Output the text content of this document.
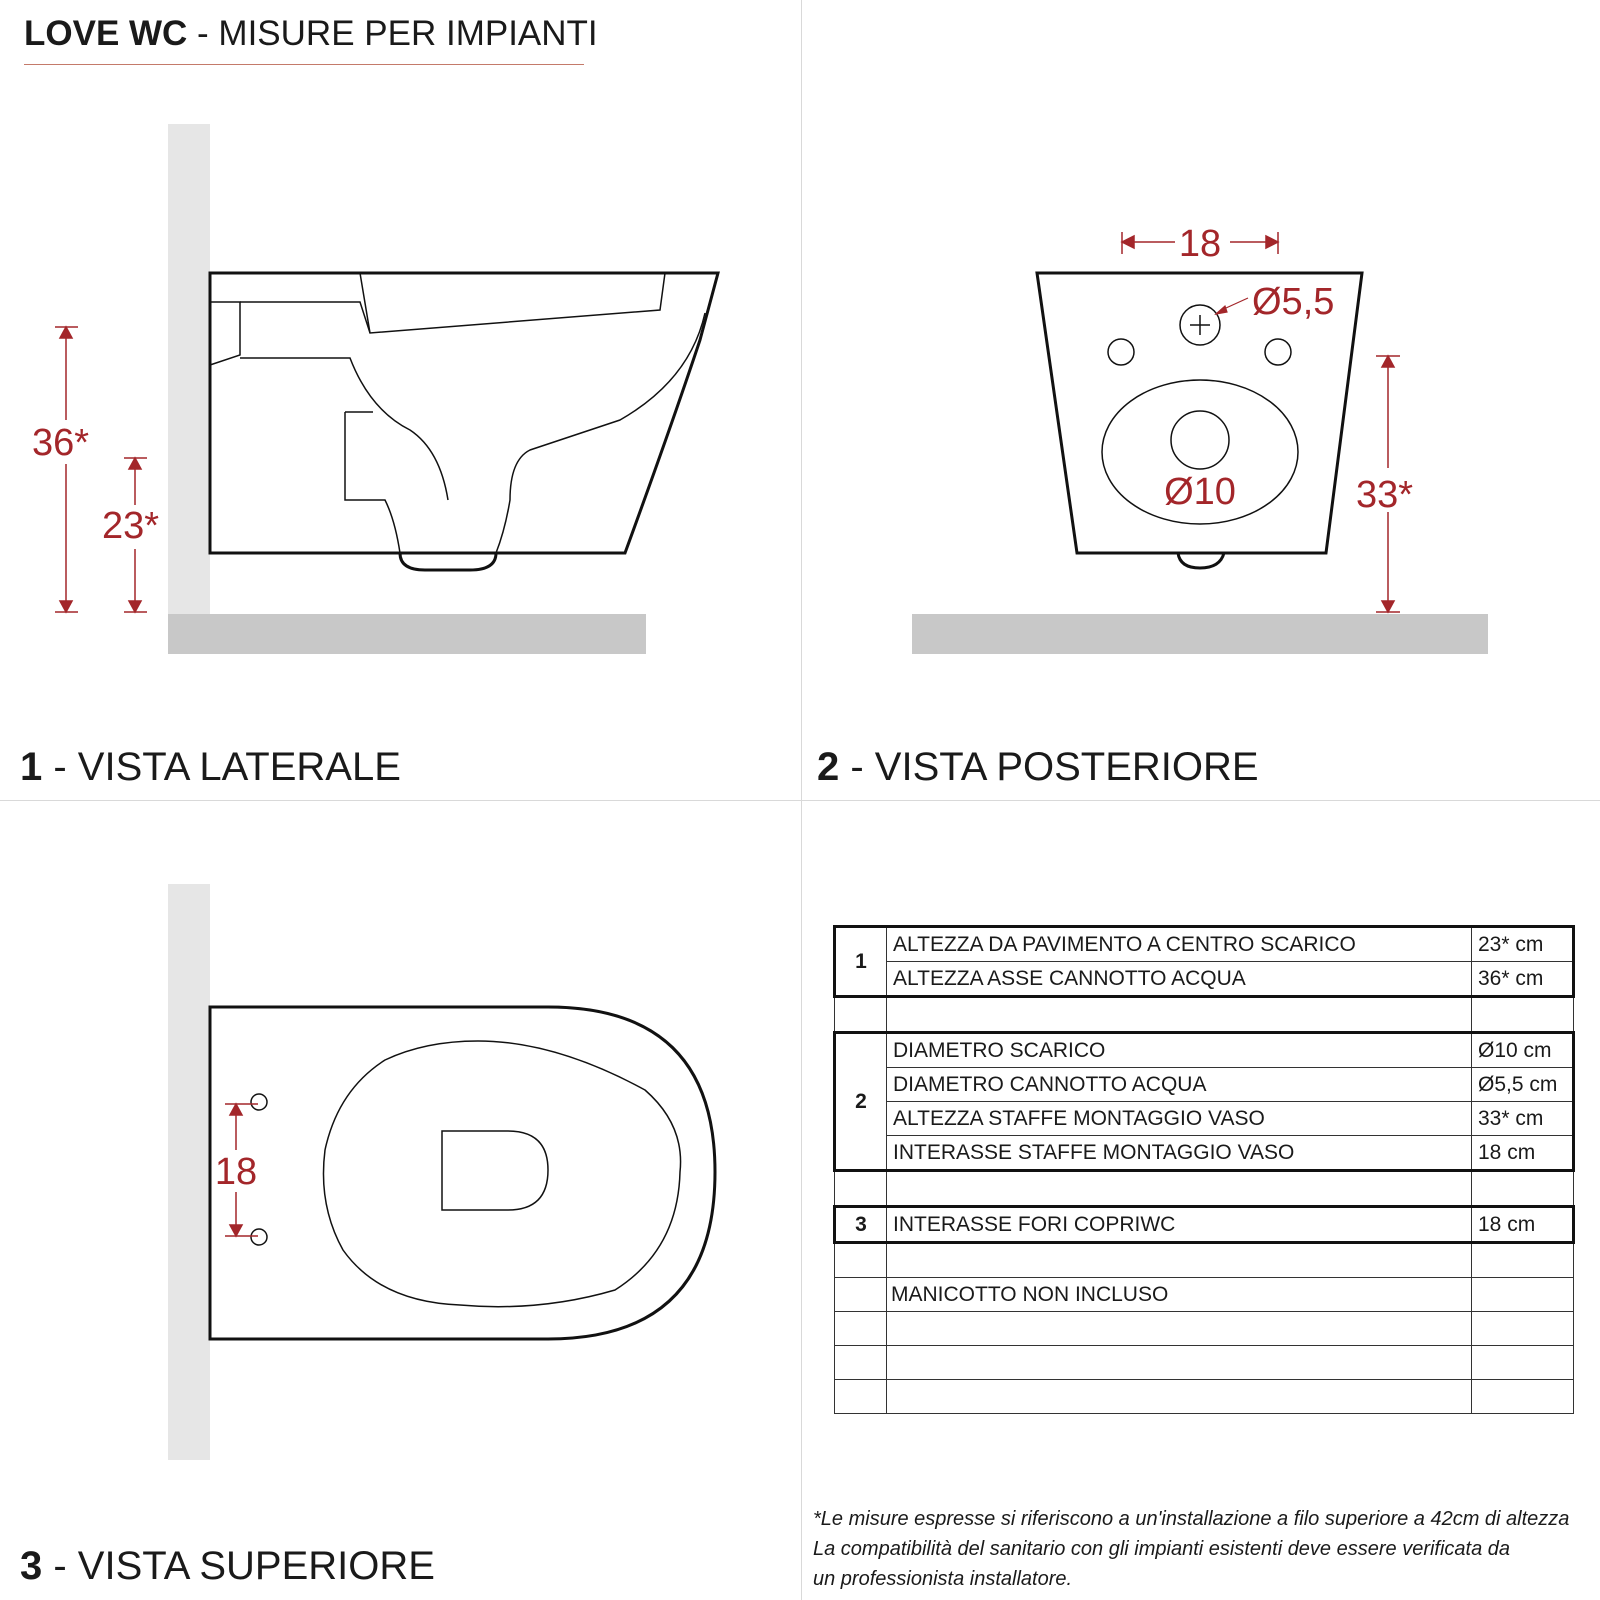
LOVE WC - MISURE PER IMPIANTI
36*
23*
1 - VISTA LATERALE
18
Ø5,5
Ø10	33*
2 - VISTA POSTERIORE
18
3 - VISTA SUPERIORE
1	ALTEZZA DA PAVIMENTO A CENTRO SCARICO	23* cm
	ALTEZZA ASSE CANNOTTO ACQUA	36* cm

2	DIAMETRO SCARICO	Ø10 cm
	DIAMETRO CANNOTTO ACQUA	Ø5,5 cm
	ALTEZZA STAFFE MONTAGGIO VASO	33* cm
	INTERASSE STAFFE MONTAGGIO VASO	18 cm

3	INTERASSE FORI COPRIWC	18 cm

	MANICOTTO NON INCLUSO	

*Le misure espresse si riferiscono a un'installazione a filo superiore a 42cm di altezza
La compatibilità del sanitario con gli impianti esistenti deve essere verificata da
un professionista installatore.
